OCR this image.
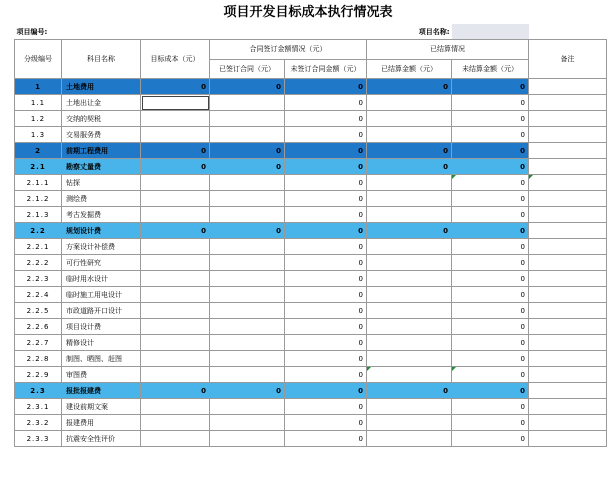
项目开发目标成本执行情况表
项目编号:					项目名称:		
分级编号	科目名称	目标成本（元）	合同签订金额情况（元）		已结算情况		备注
			已签订合同（元）	未签订合同金额（元）	已结算金额（元）	未结算金额（元）	
1	土地费用	0	0	0	0	0	
1.1	土地出让金			0		0	
1.2	交纳的契税			0		0	
1.3	交易服务费			0		0	
2	前期工程费用	0	0	0	0	0	
2.1	勘察丈量费	0	0	0	0	0	
2.1.1	钻探			0		0	
2.1.2	测绘费			0		0	
2.1.3	考古发掘费			0		0	
2.2	规划设计费	0	0	0	0	0	
2.2.1	方案设计补偿费			0		0	
2.2.2	可行性研究			0		0	
2.2.3	临时用水设计			0		0	
2.2.4	临时施工用电设计			0		0	
2.2.5	市政道路开口设计			0		0	
2.2.6	项目设计费			0		0	
2.2.7	精修设计			0		0	
2.2.8	制图、晒图、赶图			0		0	
2.2.9	审图费			0		0	
2.3	报批报建费	0	0	0	0	0	
2.3.1	建设前期文案			0		0	
2.3.2	报建费用			0		0	
2.3.3	抗震安全性评价			0		0	
